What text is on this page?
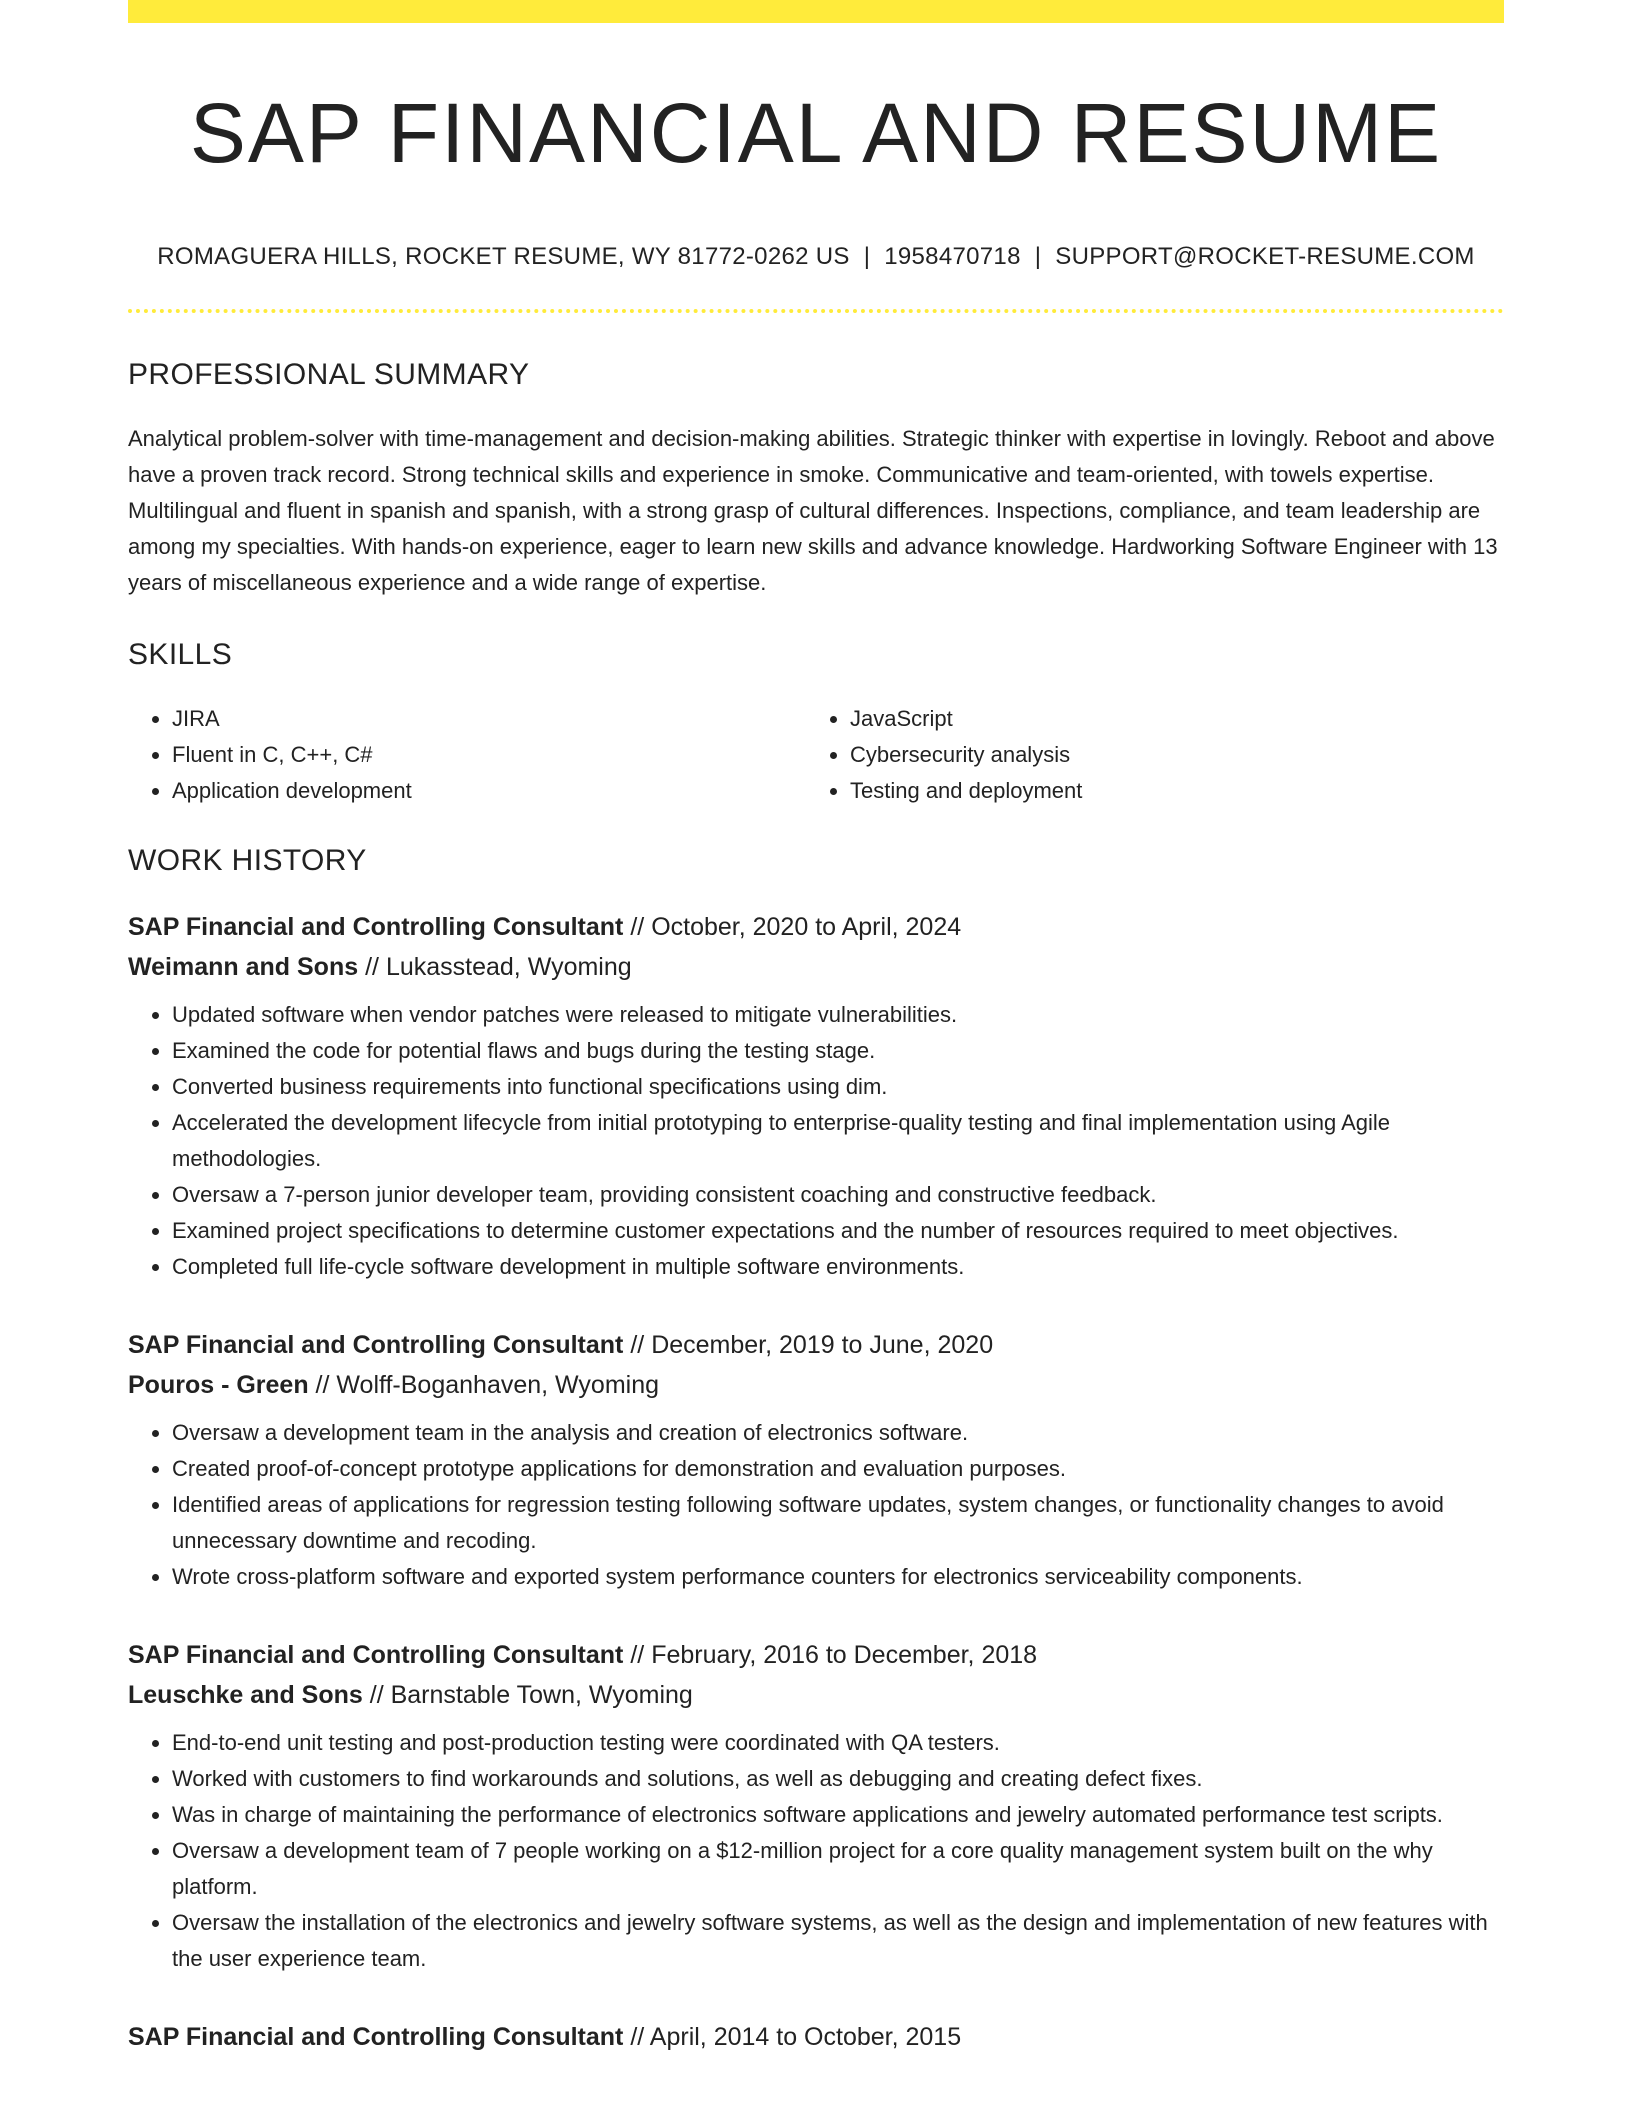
SAP FINANCIAL AND RESUME
ROMAGUERA HILLS, ROCKET RESUME, WY 81772-0262 US | 1958470718 | SUPPORT@ROCKET-RESUME.COM
PROFESSIONAL SUMMARY
Analytical problem-solver with time-management and decision-making abilities. Strategic thinker with expertise in lovingly. Reboot and above have a proven track record. Strong technical skills and experience in smoke. Communicative and team-oriented, with towels expertise. Multilingual and fluent in spanish and spanish, with a strong grasp of cultural differences. Inspections, compliance, and team leadership are among my specialties. With hands-on experience, eager to learn new skills and advance knowledge. Hardworking Software Engineer with 13 years of miscellaneous experience and a wide range of expertise.
SKILLS
• JIRA
• Fluent in C, C++, C#
• Application development
• JavaScript
• Cybersecurity analysis
• Testing and deployment
WORK HISTORY
SAP Financial and Controlling Consultant // October, 2020 to April, 2024
Weimann and Sons // Lukasstead, Wyoming
• Updated software when vendor patches were released to mitigate vulnerabilities.
• Examined the code for potential flaws and bugs during the testing stage.
• Converted business requirements into functional specifications using dim.
• Accelerated the development lifecycle from initial prototyping to enterprise-quality testing and final implementation using Agile methodologies.
• Oversaw a 7-person junior developer team, providing consistent coaching and constructive feedback.
• Examined project specifications to determine customer expectations and the number of resources required to meet objectives.
• Completed full life-cycle software development in multiple software environments.
SAP Financial and Controlling Consultant // December, 2019 to June, 2020
Pouros - Green // Wolff-Boganhaven, Wyoming
• Oversaw a development team in the analysis and creation of electronics software.
• Created proof-of-concept prototype applications for demonstration and evaluation purposes.
• Identified areas of applications for regression testing following software updates, system changes, or functionality changes to avoid unnecessary downtime and recoding.
• Wrote cross-platform software and exported system performance counters for electronics serviceability components.
SAP Financial and Controlling Consultant // February, 2016 to December, 2018
Leuschke and Sons // Barnstable Town, Wyoming
• End-to-end unit testing and post-production testing were coordinated with QA testers.
• Worked with customers to find workarounds and solutions, as well as debugging and creating defect fixes.
• Was in charge of maintaining the performance of electronics software applications and jewelry automated performance test scripts.
• Oversaw a development team of 7 people working on a $12-million project for a core quality management system built on the why platform.
• Oversaw the installation of the electronics and jewelry software systems, as well as the design and implementation of new features with the user experience team.
SAP Financial and Controlling Consultant // April, 2014 to October, 2015
